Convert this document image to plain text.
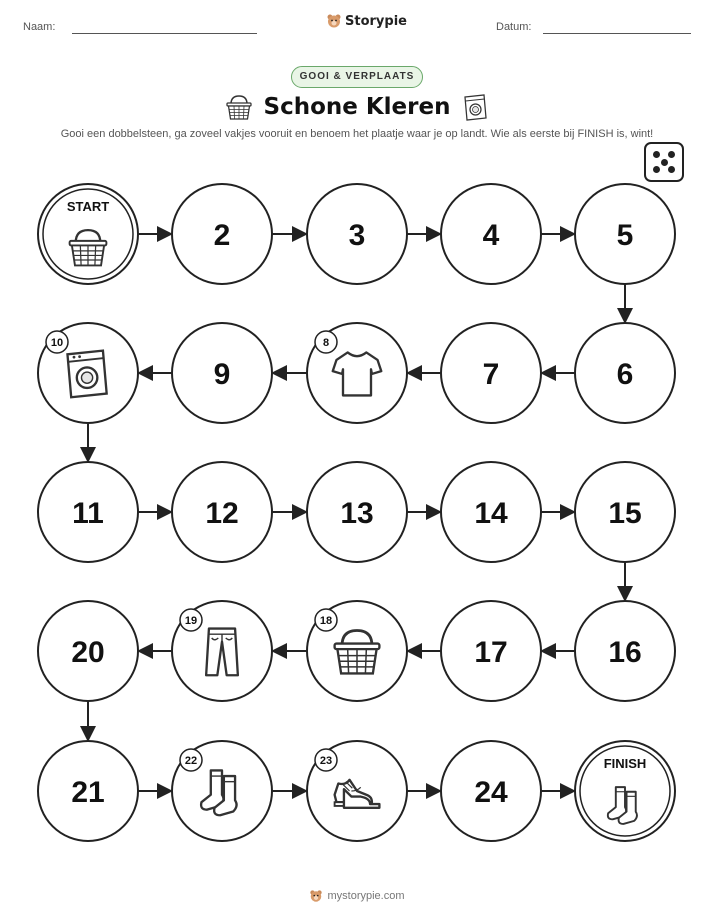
Naam:	Storypie	Datum:
GOOI & VERPLAATS
Schone Kleren
Gooi een dobbelsteen, ga zoveel vakjes vooruit en benoem het plaatje waar je op landt. Wie als eerste bij FINISH is, wint!
START
2	3	4	5
6
7
8
9
10
11	12	13	14	15
16
17
18
19
20
21
22	23
24
FINISH
mystorypie.com
